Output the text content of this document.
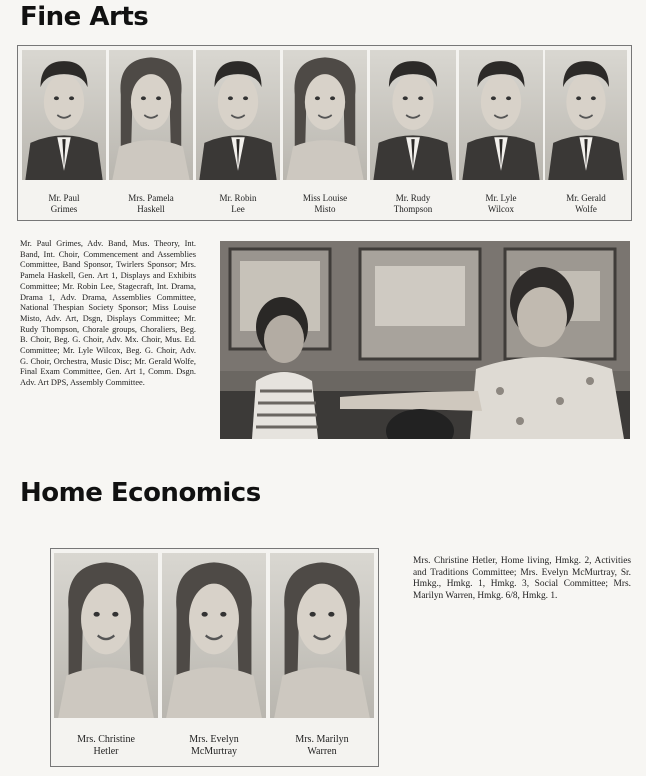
Fine Arts
Mr. Paul Grimes, Adv. Band, Mus. Theory, Int. Band, Int. Choir, Commencement and Assemblies Committee, Band Sponsor, Twirlers Sponsor; Mrs. Pamela Haskell, Gen. Art 1, Displays and Exhibits Committee; Mr. Robin Lee, Stagecraft, Int. Drama, Drama 1, Adv. Drama, Assemblies Committee, National Thespian Society Sponsor; Miss Louise Misto, Adv. Art, Dsgn, Displays Committee; Mr. Rudy Thompson, Chorale groups, Choraliers, Beg. B. Choir, Beg. G. Choir, Adv. Mx. Choir, Mus. Ed. Committee; Mr. Lyle Wilcox, Beg. G. Choir, Adv. G. Choir, Orchestra, Music Disc; Mr. Gerald Wolfe, Final Exam Committee, Gen. Art 1, Comm. Dsgn. Adv. Art DPS, Assembly Committee.
Home Economics
Mrs. Christine Hetler, Home living, Hmkg. 2, Activities and Traditions Committee; Mrs. Evelyn McMurtray, Sr. Hmkg., Hmkg. 1, Hmkg. 3, Social Committee; Mrs. Marilyn Warren, Hmkg. 6/8, Hmkg. 1.
Mr. Paul
Grimes
Mrs. Pamela
Haskell
Mr. Robin
Lee
Miss Louise
Misto
Mr. Rudy
Thompson
Mr. Lyle
Wilcox
Mr. Gerald
Wolfe
Mrs. Christine
Hetler
Mrs. Evelyn
McMurtray
Mrs. Marilyn
Warren
